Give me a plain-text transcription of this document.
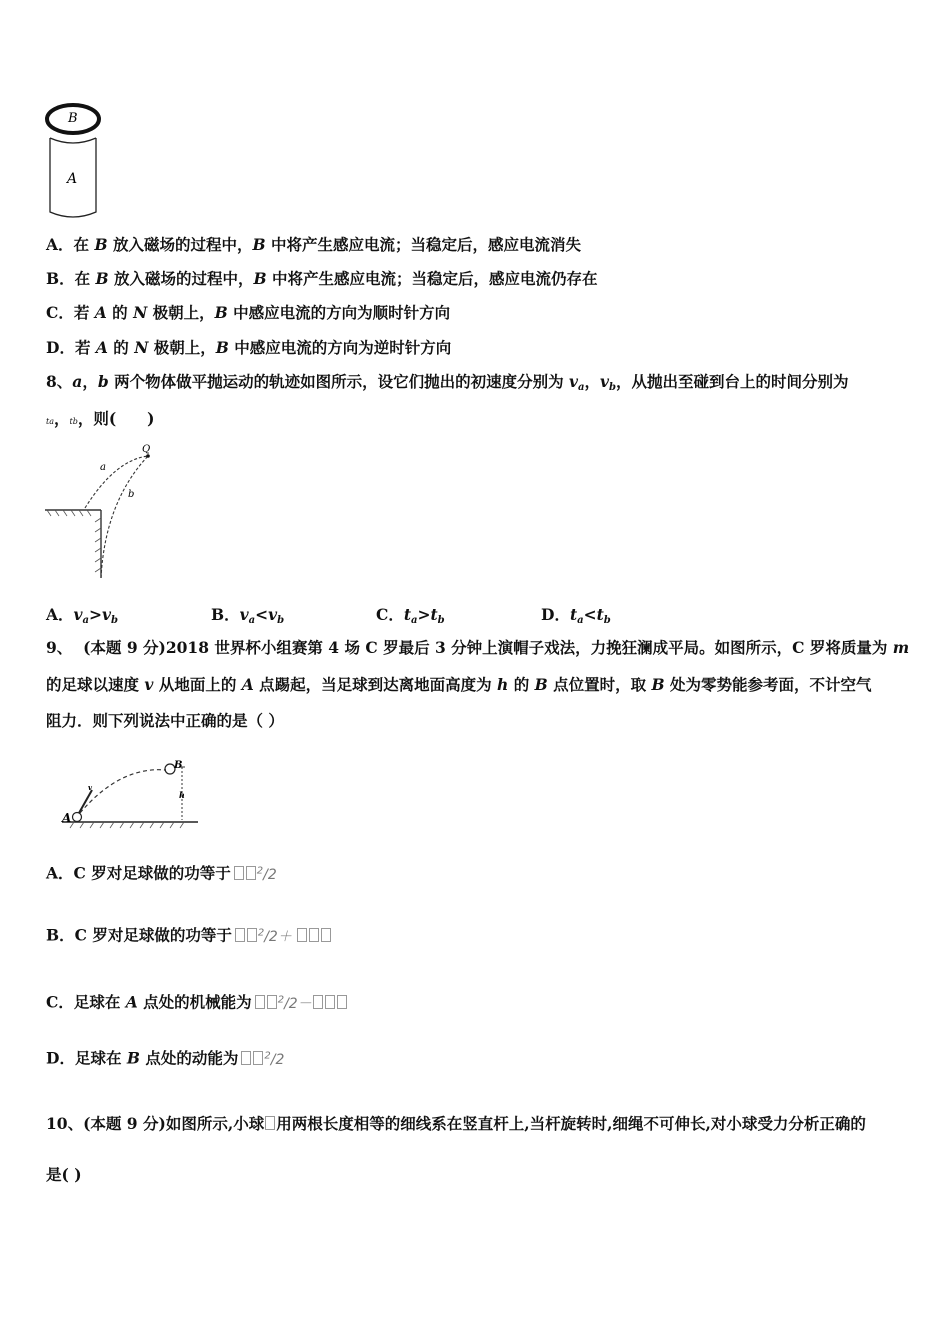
B
A
A．在 B 放入磁场的过程中，B 中将产生感应电流；当稳定后，感应电流消失
B．在 B 放入磁场的过程中，B 中将产生感应电流；当稳定后，感应电流仍存在
C．若 A 的 N 极朝上，B 中感应电流的方向为顺时针方向
D．若 A 的 N 极朝上，B 中感应电流的方向为逆时针方向
8、a，b 两个物体做平抛运动的轨迹如图所示，设它们抛出的初速度分别为 $v_a$，$v_b$，从抛出至碰到台上的时间分别为
ta，tb，则(　　)
Q
a
b
A．$v_a>v_b$	B．$v_a<v_b$	C．$t_a>t_b$	D．$t_a<t_b$
9、 (本题 9 分)2018 世界杯小组赛第 4 场 C 罗最后 3 分钟上演帽子戏法，力挽狂澜成平局。如图所示，C 罗将质量为 m
的足球以速度 v 从地面上的 A 点踢起，当足球到达离地面高度为 h 的 B 点位置时，取 B 处为零势能参考面，不计空气
阻力．则下列说法中正确的是（ ）
A
B
h
v
A．C 罗对足球做的功等于	$^2$/2
B．C 罗对足球做的功等于	$^2$/2＋
C．足球在 A 点处的机械能为	$^2$/2－
D．足球在 B 点处的动能为	$^2$/2
10、(本题 9 分)如图所示,小球 用两根长度相等的细线系在竖直杆上,当杆旋转时,细绳不可伸长,对小球受力分析正确的
是( )
